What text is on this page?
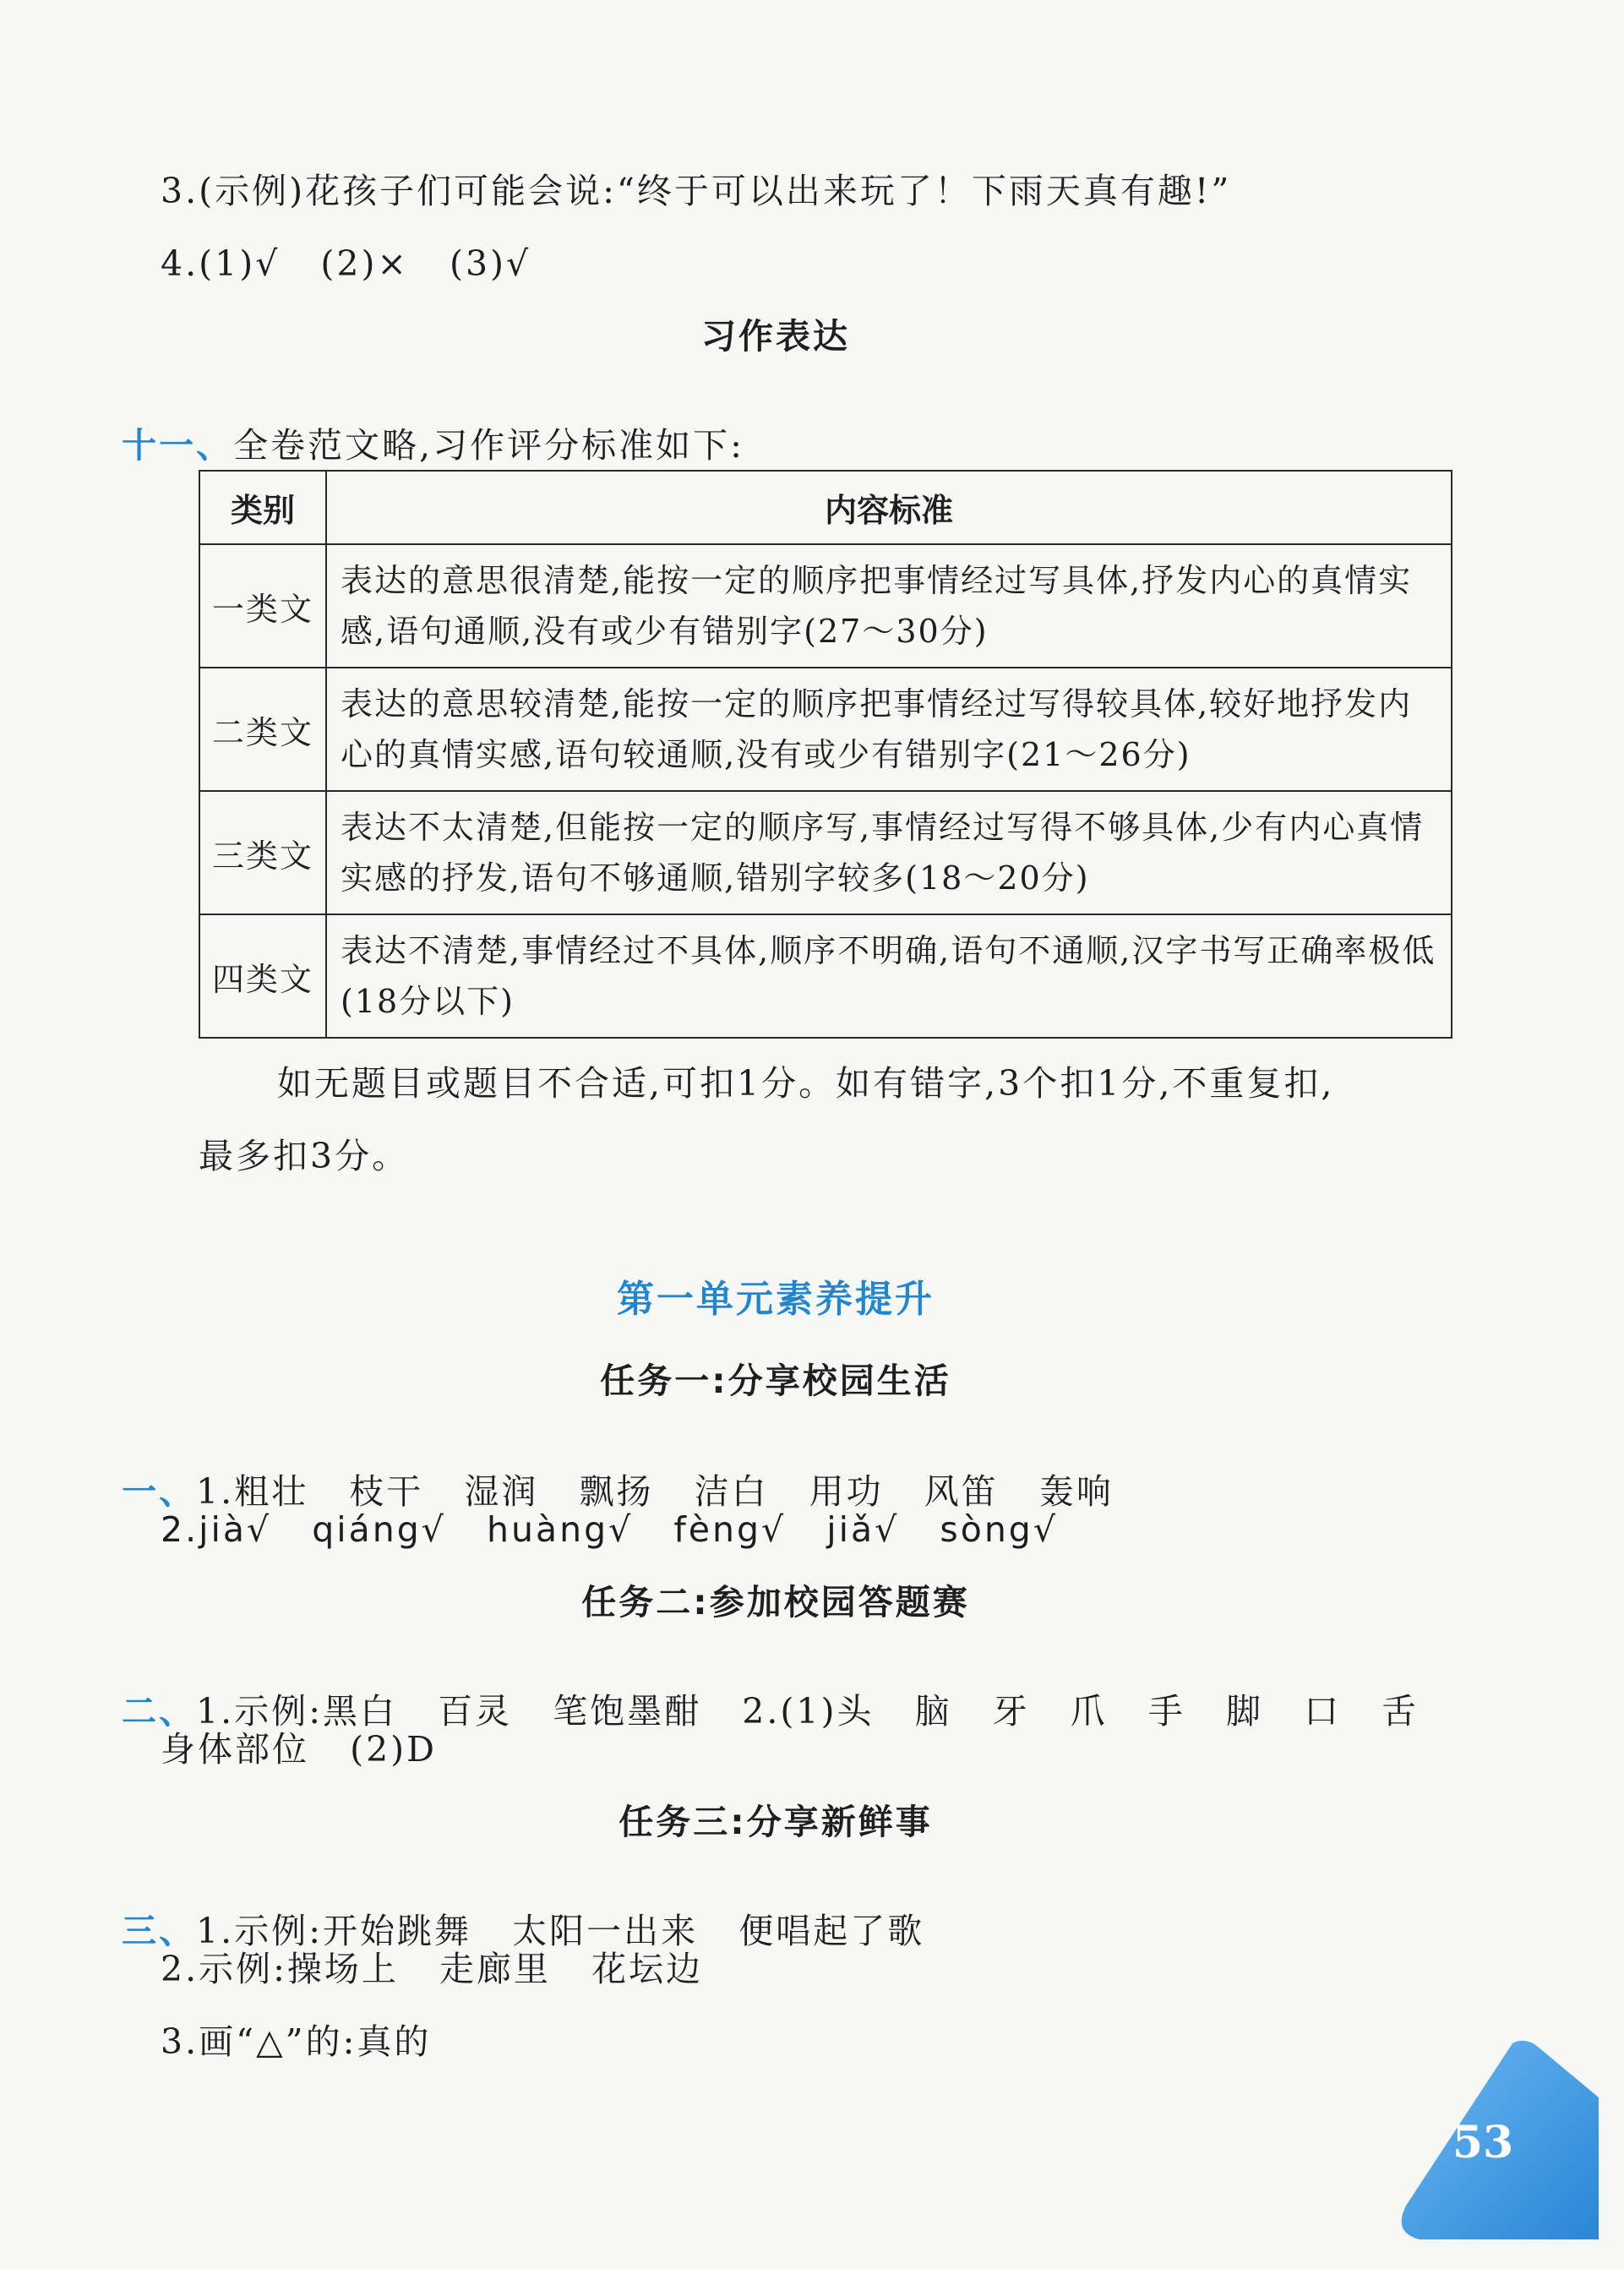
3.(示例)花孩子们可能会说:“终于可以出来玩了！下雨天真有趣!”
4.(1)√   (2)×   (3)√
习作表达

十一、全卷范文略,习作评分标准如下:

类别	内容标准
一类文	表达的意思很清楚,能按一定的顺序把事情经过写具体,抒发内心的真情实感,语句通顺,没有或少有错别字(27～30分)
二类文	表达的意思较清楚,能按一定的顺序把事情经过写得较具体,较好地抒发内心的真情实感,语句较通顺,没有或少有错别字(21～26分)
三类文	表达不太清楚,但能按一定的顺序写,事情经过写得不够具体,少有内心真情实感的抒发,语句不够通顺,错别字较多(18～20分)
四类文	表达不清楚,事情经过不具体,顺序不明确,语句不通顺,汉字书写正确率极低(18分以下)
如无题目或题目不合适,可扣1分。如有错字,3个扣1分,不重复扣,
最多扣3分。
第一单元素养提升
任务一:分享校园生活

一、1.粗壮   枝干   湿润   飘扬   洁白   用功   风笛   轰响

2.jià√   qiáng√   huàng√   fèng√   jiǎ√   sòng√
任务二:参加校园答题赛

二、1.示例:黑白   百灵   笔饱墨酣   2.(1)头   脑   牙   爪   手   脚   口   舌

身体部位   (2)D
任务三:分享新鲜事

三、1.示例:开始跳舞   太阳一出来   便唱起了歌

2.示例:操场上   走廊里   花坛边
3.画“△”的:真的
53
